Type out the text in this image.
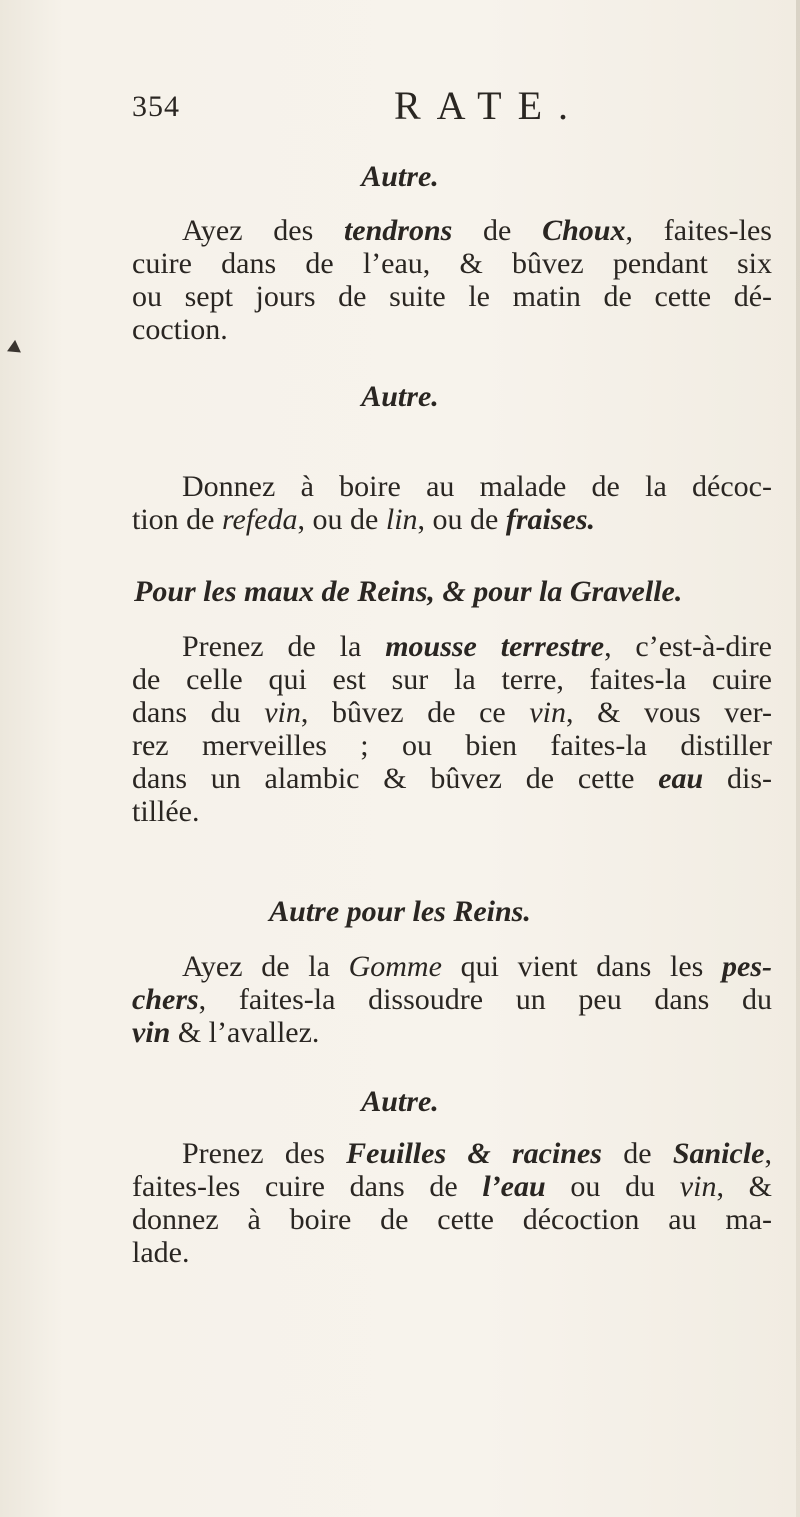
354	RATE.
Autre.
Ayez des tendrons de Choux, faites-les
cuire dans de l’eau, & bûvez pendant six
ou sept jours de suite le matin de cette dé-
coction.
Autre.
Donnez à boire au malade de la décoc-
tion de refeda, ou de lin, ou de fraises.
Pour les maux de Reins, & pour la Gravelle.
Prenez de la mousse terrestre, c’est-à-dire
de celle qui est sur la terre, faites-la cuire
dans du vin, bûvez de ce vin, & vous ver-
rez merveilles ; ou bien faites-la distiller
dans un alambic & bûvez de cette eau dis-
tillée.
Autre pour les Reins.
Ayez de la Gomme qui vient dans les pes-
chers, faites-la dissoudre un peu dans du
vin & l’avallez.
Autre.
Prenez des Feuilles & racines de Sanicle,
faites-les cuire dans de l’eau ou du vin, &
donnez à boire de cette décoction au ma-
lade.
